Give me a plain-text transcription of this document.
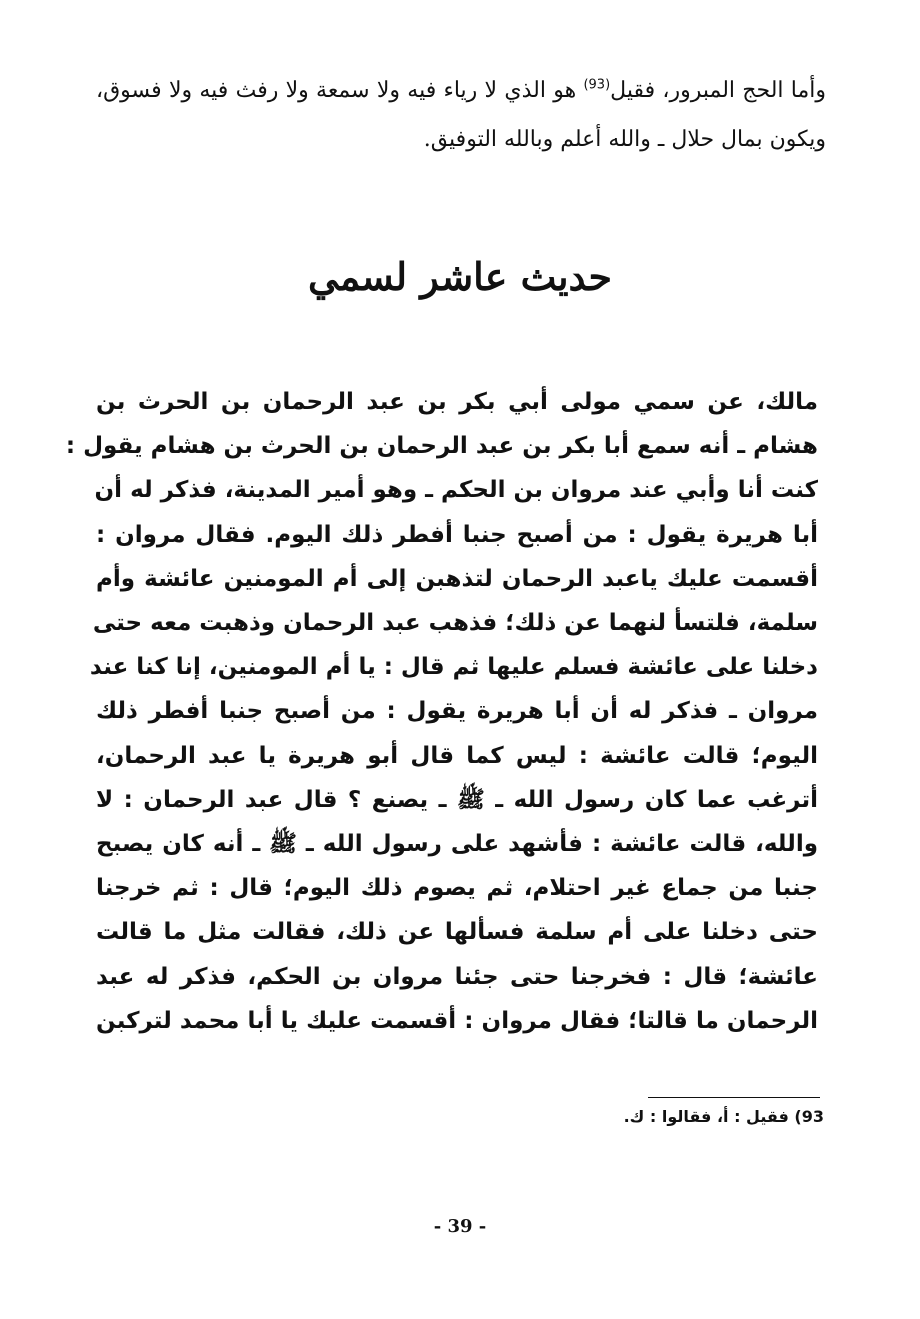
وأما الحج المبرور، فقيل$^{(93)}$ هو الذي لا رياء فيه ولا سمعة ولا رفث فيه ولا فسوق، ويكون بمال حلال ـ والله أعلم وبالله التوفيق.

حديث عاشر لسمي
مالك، عن سمي مولى أبي بكر بن عبد الرحمان بن الحرث بن
هشام ـ أنه سمع أبا بكر بن عبد الرحمان بن الحرث بن هشام يقول :
كنت أنا وأبي عند مروان بن الحكم ـ وهو أمير المدينة، فذكر له أن
أبا هريرة يقول : من أصبح جنبا أفطر ذلك اليوم. فقال مروان :
أقسمت عليك ياعبد الرحمان لتذهبن إلى أم المومنين عائشة وأم
سلمة، فلتسأ لنهما عن ذلك؛ فذهب عبد الرحمان وذهبت معه حتى
دخلنا على عائشة فسلم عليها ثم قال : يا أم المومنين، إنا كنا عند
مروان ـ فذكر له أن أبا هريرة يقول : من أصبح جنبا أفطر ذلك
اليوم؛ قالت عائشة : ليس كما قال أبو هريرة يا عبد الرحمان،
أترغب عما كان رسول الله ـ ﷺ ـ يصنع ؟ قال عبد الرحمان : لا
والله، قالت عائشة : فأشهد على رسول الله ـ ﷺ ـ أنه كان يصبح
جنبا من جماع غير احتلام، ثم يصوم ذلك اليوم؛ قال : ثم خرجنا
حتى دخلنا على أم سلمة فسألها عن ذلك، فقالت مثل ما قالت
عائشة؛ قال : فخرجنا حتى جئنا مروان بن الحكم، فذكر له عبد
الرحمان ما قالتا؛ فقال مروان : أقسمت عليك يا أبا محمد لتركبن

93) فقيل : أ، فقالوا : ك.

- 39 -
